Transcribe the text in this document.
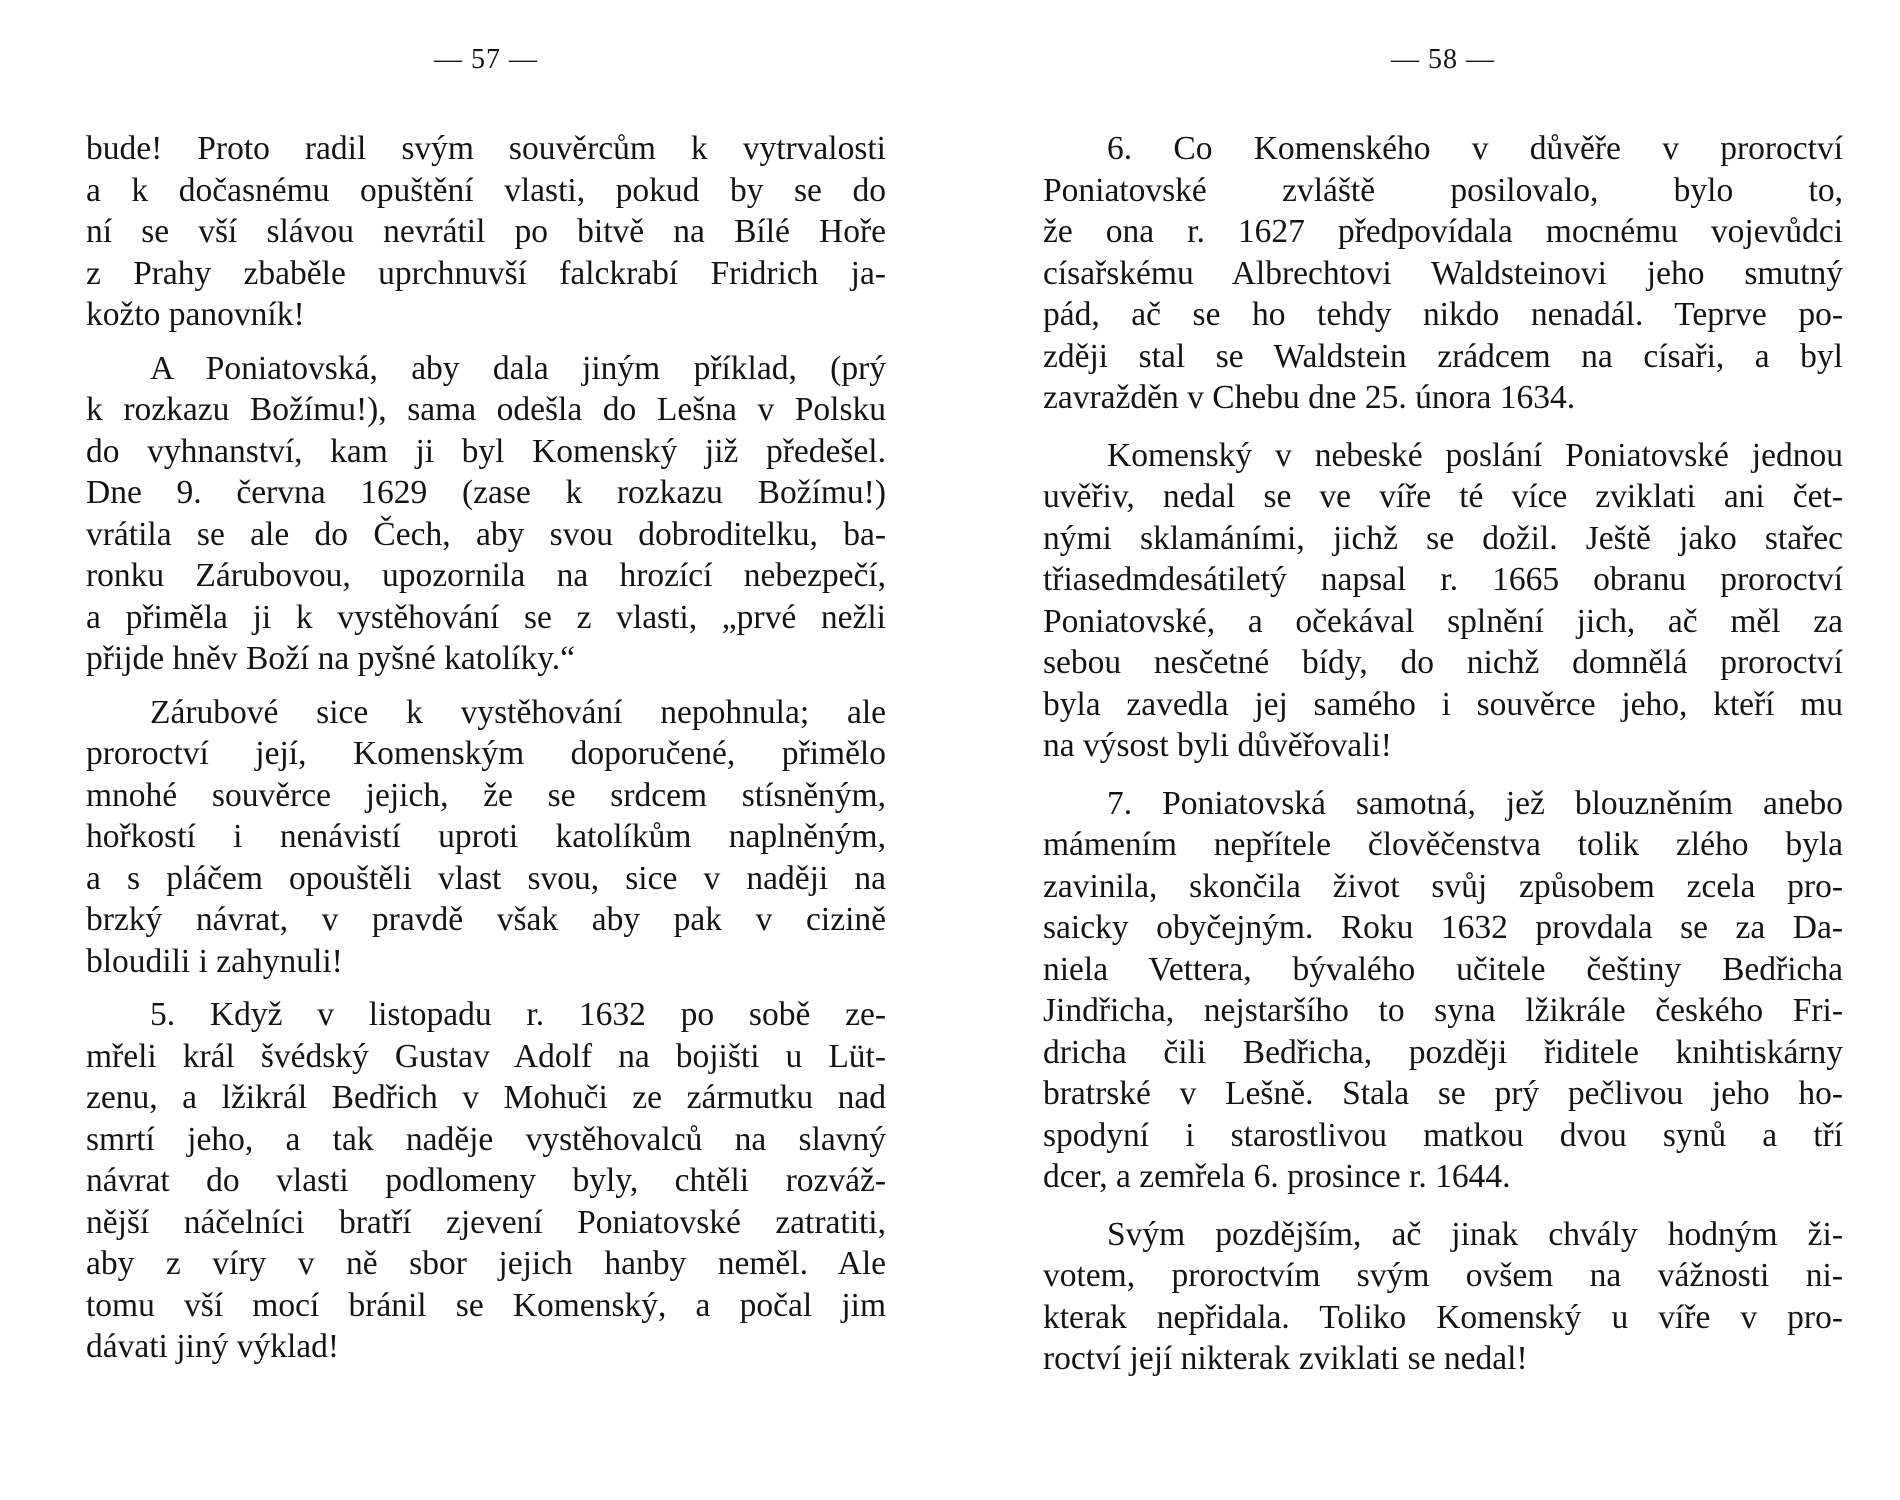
— 57 —

bude! Proto radil svým souvěrcům k vytrvalosti
a k dočasnému opuštění vlasti, pokud by se do
ní se vší slávou nevrátil po bitvě na Bílé Hoře
z Prahy zbaběle uprchnuvší falckrabí Fridrich ja-
kožto panovník!

A Poniatovská, aby dala jiným příklad, (prý
k rozkazu Božímu!), sama odešla do Lešna v Polsku
do vyhnanství, kam ji byl Komenský již předešel.
Dne 9. června 1629 (zase k rozkazu Božímu!)
vrátila se ale do Čech, aby svou dobroditelku, ba-
ronku Zárubovou, upozornila na hrozící nebezpečí,
a přiměla ji k vystěhování se z vlasti, „prvé nežli
přijde hněv Boží na pyšné katolíky.“

Zárubové sice k vystěhování nepohnula; ale
proroctví její, Komenským doporučené, přimělo
mnohé souvěrce jejich, že se srdcem stísněným,
hořkostí i nenávistí uproti katolíkům naplněným,
a s pláčem opouštěli vlast svou, sice v naději na
brzký návrat, v pravdě však aby pak v cizině
bloudili i zahynuli!

5. Když v listopadu r. 1632 po sobě ze-
mřeli král švédský Gustav Adolf na bojišti u Lüt-
zenu, a lžikrál Bedřich v Mohuči ze zármutku nad
smrtí jeho, a tak naděje vystěhovalců na slavný
návrat do vlasti podlomeny byly, chtěli rozváž-
nější náčelníci bratří zjevení Poniatovské zatratiti,
aby z víry v ně sbor jejich hanby neměl. Ale
tomu vší mocí bránil se Komenský, a počal jim
dávati jiný výklad!

— 58 —

6. Co Komenského v důvěře v proroctví
Poniatovské zvláště posilovalo, bylo to,
že ona r. 1627 předpovídala mocnému vojevůdci
císařskému Albrechtovi Waldsteinovi jeho smutný
pád, ač se ho tehdy nikdo nenadál. Teprve po-
zději stal se Waldstein zrádcem na císaři, a byl
zavražděn v Chebu dne 25. února 1634.

Komenský v nebeské poslání Poniatovské jednou
uvěřiv, nedal se ve víře té více zviklati ani čet-
nými sklamáními, jichž se dožil. Ještě jako stařec
třiasedmdesátiletý napsal r. 1665 obranu proroctví
Poniatovské, a očekával splnění jich, ač měl za
sebou nesčetné bídy, do nichž domnělá proroctví
byla zavedla jej samého i souvěrce jeho, kteří mu
na výsost byli důvěřovali!

7. Poniatovská samotná, jež blouzněním anebo
mámením nepřítele člověčenstva tolik zlého byla
zavinila, skončila život svůj způsobem zcela pro-
saicky obyčejným. Roku 1632 provdala se za Da-
niela Vettera, bývalého učitele češtiny Bedřicha
Jindřicha, nejstaršího to syna lžikrále českého Fri-
dricha čili Bedřicha, později řiditele knihtiskárny
bratrské v Lešně. Stala se prý pečlivou jeho ho-
spodyní i starostlivou matkou dvou synů a tří
dcer, a zemřela 6. prosince r. 1644.

Svým pozdějším, ač jinak chvály hodným ži-
votem, proroctvím svým ovšem na vážnosti ni-
kterak nepřidala. Toliko Komenský u víře v pro-
roctví její nikterak zviklati se nedal!
